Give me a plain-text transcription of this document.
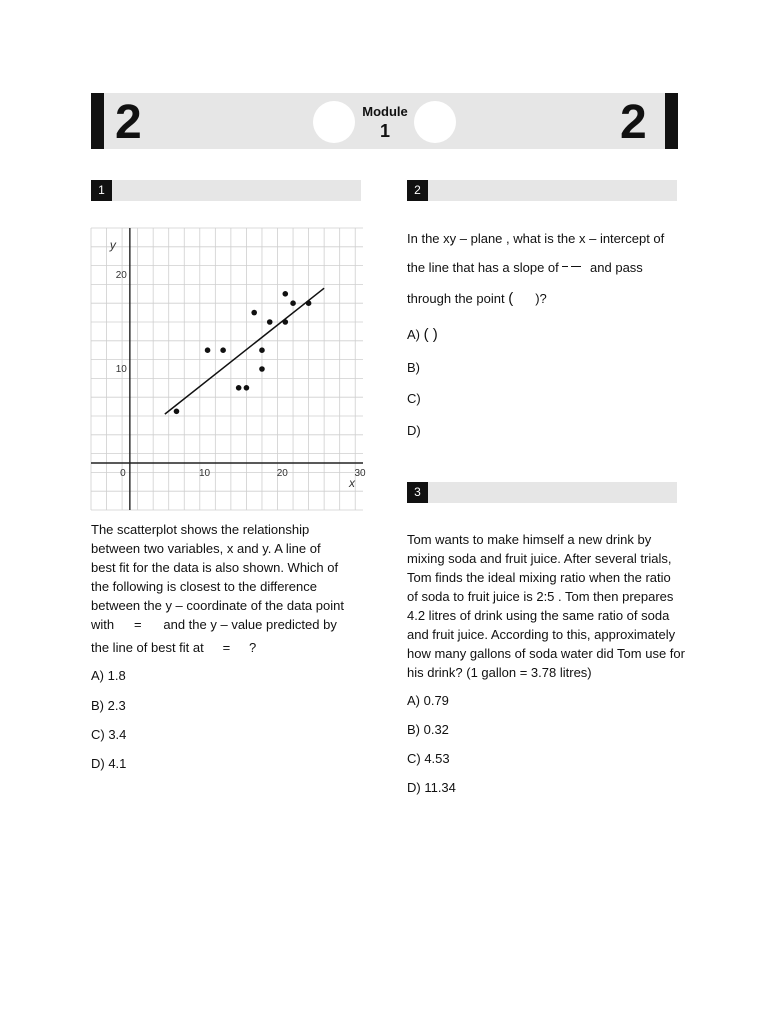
2	2
Module
1
1
0	10	20	30
10
20
y
x
The scatterplot shows the relationship
between two variables, x and y. A line of
best fit for the data is also shown. Which of
the following is closest to the difference
between the y – coordinate of the data point
with = and the y – value predicted by
the line of best fit at = ?
A) 1.8
B) 2.3
C) 3.4
D) 4.1
2
In the xy – plane , what is the x – intercept of
the line that has a slope of and pass
through the point ( )?
A) ( )
B)
C)
D)
3
Tom wants to make himself a new drink by
mixing soda and fruit juice. After several trials,
Tom finds the ideal mixing ratio when the ratio
of soda to fruit juice is 2:5 . Tom then prepares
4.2 litres of drink using the same ratio of soda
and fruit juice. According to this, approximately
how many gallons of soda water did Tom use for
his drink? (1 gallon = 3.78 litres)
A) 0.79
B) 0.32
C) 4.53
D) 11.34
